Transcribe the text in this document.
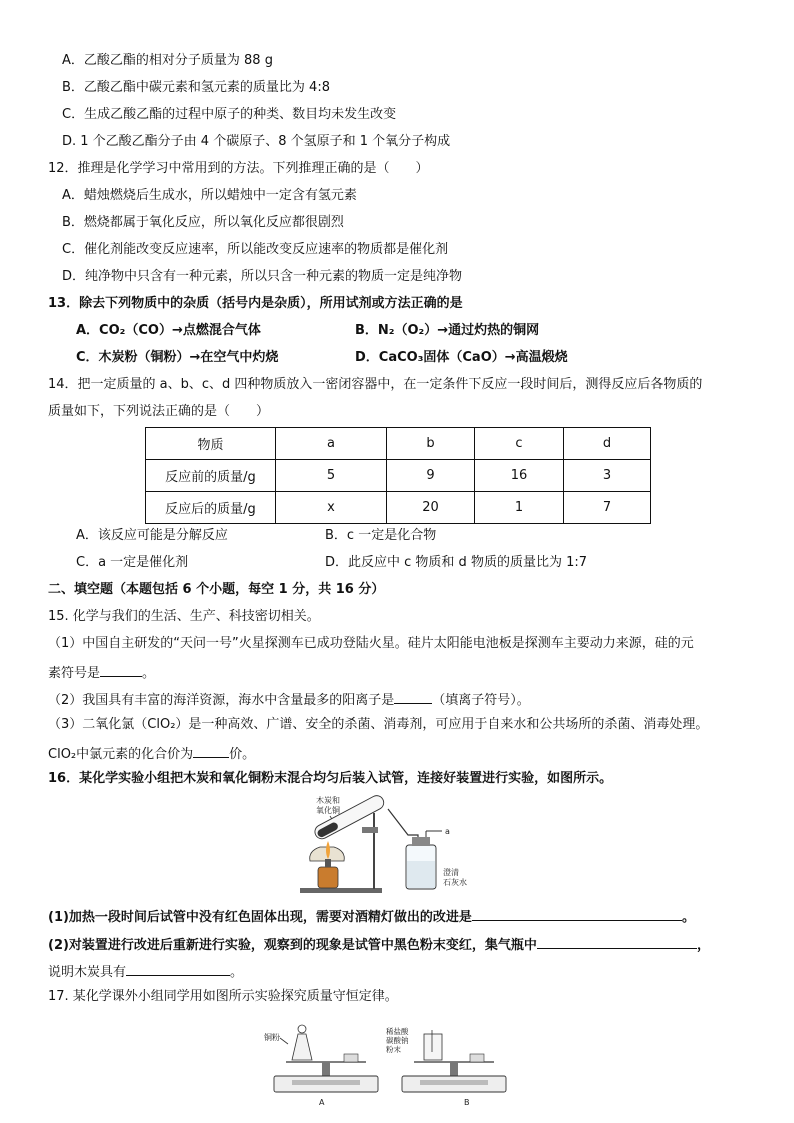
A．乙酸乙酯的相对分子质量为 88 g
B．乙酸乙酯中碳元素和氢元素的质量比为 4:8
C．生成乙酸乙酯的过程中原子的种类、数目均未发生改变
D. 1 个乙酸乙酯分子由 4 个碳原子、8 个氢原子和 1 个氧分子构成
12．推理是化学学习中常用到的方法。下列推理正确的是（　　）
A．蜡烛燃烧后生成水，所以蜡烛中一定含有氢元素
B．燃烧都属于氧化反应，所以氧化反应都很剧烈
C．催化剂能改变反应速率，所以能改变反应速率的物质都是催化剂
D．纯净物中只含有一种元素，所以只含一种元素的物质一定是纯净物
13．除去下列物质中的杂质（括号内是杂质），所用试剂或方法正确的是
A．CO₂（CO）→点燃混合气体	B．N₂（O₂）→通过灼热的铜网
C．木炭粉（铜粉）→在空气中灼烧	D．CaCO₃固体（CaO）→高温煅烧
14．把一定质量的 a、b、c、d 四种物质放入一密闭容器中，在一定条件下反应一段时间后，测得反应后各物质的
质量如下，下列说法正确的是（　　）
物质	a	b	c	d
反应前的质量/g	5	9	16	3
反应后的质量/g	x	20	1	7
A．该反应可能是分解反应	B．c 一定是化合物
C．a 一定是催化剂	D．此反应中 c 物质和 d 物质的质量比为 1:7
二、填空题（本题包括 6 个小题，每空 1 分，共 16 分）
15. 化学与我们的生活、生产、科技密切相关。
（1）中国自主研发的“天问一号”火星探测车已成功登陆火星。硅片太阳能电池板是探测车主要动力来源，硅的元
素符号是	。
（2）我国具有丰富的海洋资源，海水中含量最多的阳离子是	（填离子符号）。
（3）二氧化氯（ClO₂）是一种高效、广谱、安全的杀菌、消毒剂，可应用于自来水和公共场所的杀菌、消毒处理。
ClO₂中氯元素的化合价为	价。
16．某化学实验小组把木炭和氧化铜粉末混合均匀后装入试管，连接好装置进行实验，如图所示。
木炭和
氧化铜
a
澄清
石灰水
(1)加热一段时间后试管中没有红色固体出现，需要对酒精灯做出的改进是	。
(2)对装置进行改进后重新进行实验，观察到的现象是试管中黑色粉末变红，集气瓶中	，
说明木炭具有	。
17. 某化学课外小组同学用如图所示实验探究质量守恒定律。
铜粉
A
稀盐酸
碳酸钠
粉末
B
